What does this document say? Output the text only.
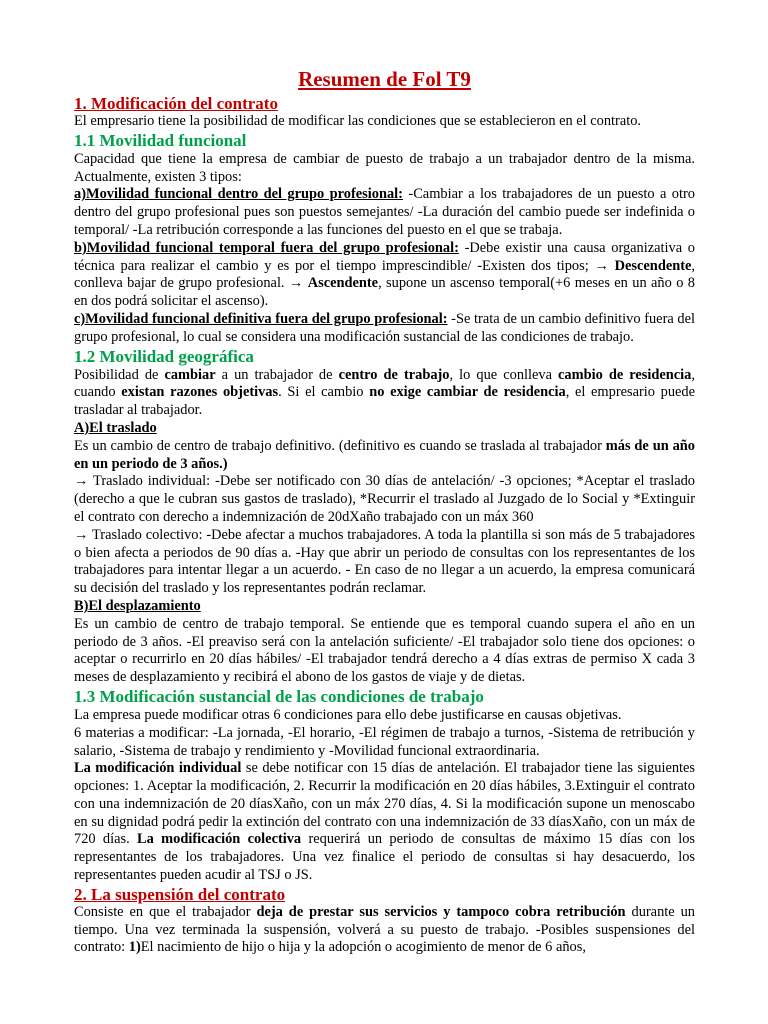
Resumen de Fol T9
1. Modificación del contrato

El empresario tiene la posibilidad de modificar las condiciones que se establecieron en el contrato.

1.1 Movilidad funcional

Capacidad que tiene la empresa de cambiar de puesto de trabajo a un trabajador dentro de la misma. Actualmente, existen 3 tipos:

a)Movilidad funcional dentro del grupo profesional: -Cambiar a los trabajadores de un puesto a otro dentro del grupo profesional pues son puestos semejantes/ -La duración del cambio puede ser indefinida o temporal/ -La retribución corresponde a las funciones del puesto en el que se trabaja.

b)Movilidad funcional temporal fuera del grupo profesional: -Debe existir una causa organizativa o técnica para realizar el cambio y es por el tiempo imprescindible/ -Existen dos tipos; → Descendente, conlleva bajar de grupo profesional. → Ascendente, supone un ascenso temporal(+6 meses en un año o 8 en dos podrá solicitar el ascenso).

c)Movilidad funcional definitiva fuera del grupo profesional: -Se trata de un cambio definitivo fuera del grupo profesional, lo cual se considera una modificación sustancial de las condiciones de trabajo.

1.2 Movilidad geográfica

Posibilidad de cambiar a un trabajador de centro de trabajo, lo que conlleva cambio de residencia, cuando existan razones objetivas. Si el cambio no exige cambiar de residencia, el empresario puede trasladar al trabajador.

A)El traslado

Es un cambio de centro de trabajo definitivo. (definitivo es cuando se traslada al trabajador más de un año en un periodo de 3 años.)

→ Traslado individual: -Debe ser notificado con 30 días de antelación/ -3 opciones; *Aceptar el traslado (derecho a que le cubran sus gastos de traslado), *Recurrir el traslado al Juzgado de lo Social y *Extinguir el contrato con derecho a indemnización de 20dXaño trabajado con un máx 360

→ Traslado colectivo: -Debe afectar a muchos trabajadores. A toda la plantilla si son más de 5 trabajadores o bien afecta a periodos de 90 días a. -Hay que abrir un periodo de consultas con los representantes de los trabajadores para intentar llegar a un acuerdo. - En caso de no llegar a un acuerdo, la empresa comunicará su decisión del traslado y los representantes podrán reclamar.

B)El desplazamiento

Es un cambio de centro de trabajo temporal. Se entiende que es temporal cuando supera el año en un periodo de 3 años. -El preaviso será con la antelación suficiente/ -El trabajador solo tiene dos opciones: o aceptar o recurrirlo en 20 días hábiles/ -El trabajador tendrá derecho a 4 días extras de permiso X cada 3 meses de desplazamiento y recibirá el abono de los gastos de viaje y de dietas.

1.3 Modificación sustancial de las condiciones de trabajo

La empresa puede modificar otras 6 condiciones para ello debe justificarse en causas objetivas.

6 materias a modificar: -La jornada, -El horario, -El régimen de trabajo a turnos, -Sistema de retribución y salario, -Sistema de trabajo y rendimiento y -Movilidad funcional extraordinaria.

La modificación individual se debe notificar con 15 días de antelación. El trabajador tiene las siguientes opciones: 1. Aceptar la modificación, 2. Recurrir la modificación en 20 días hábiles, 3.Extinguir el contrato con una indemnización de 20 díasXaño, con un máx 270 días, 4. Si la modificación supone un menoscabo en su dignidad podrá pedir la extinción del contrato con una indemnización de 33 díasXaño, con un máx de 720 días. La modificación colectiva requerirá un periodo de consultas de máximo 15 días con los representantes de los trabajadores. Una vez finalice el periodo de consultas si hay desacuerdo, los representantes pueden acudir al TSJ o JS.

2. La suspensión del contrato

Consiste en que el trabajador deja de prestar sus servicios y tampoco cobra retribución durante un tiempo. Una vez terminada la suspensión, volverá a su puesto de trabajo. -Posibles suspensiones del contrato: 1)El nacimiento de hijo o hija y la adopción o acogimiento de menor de 6 años,
